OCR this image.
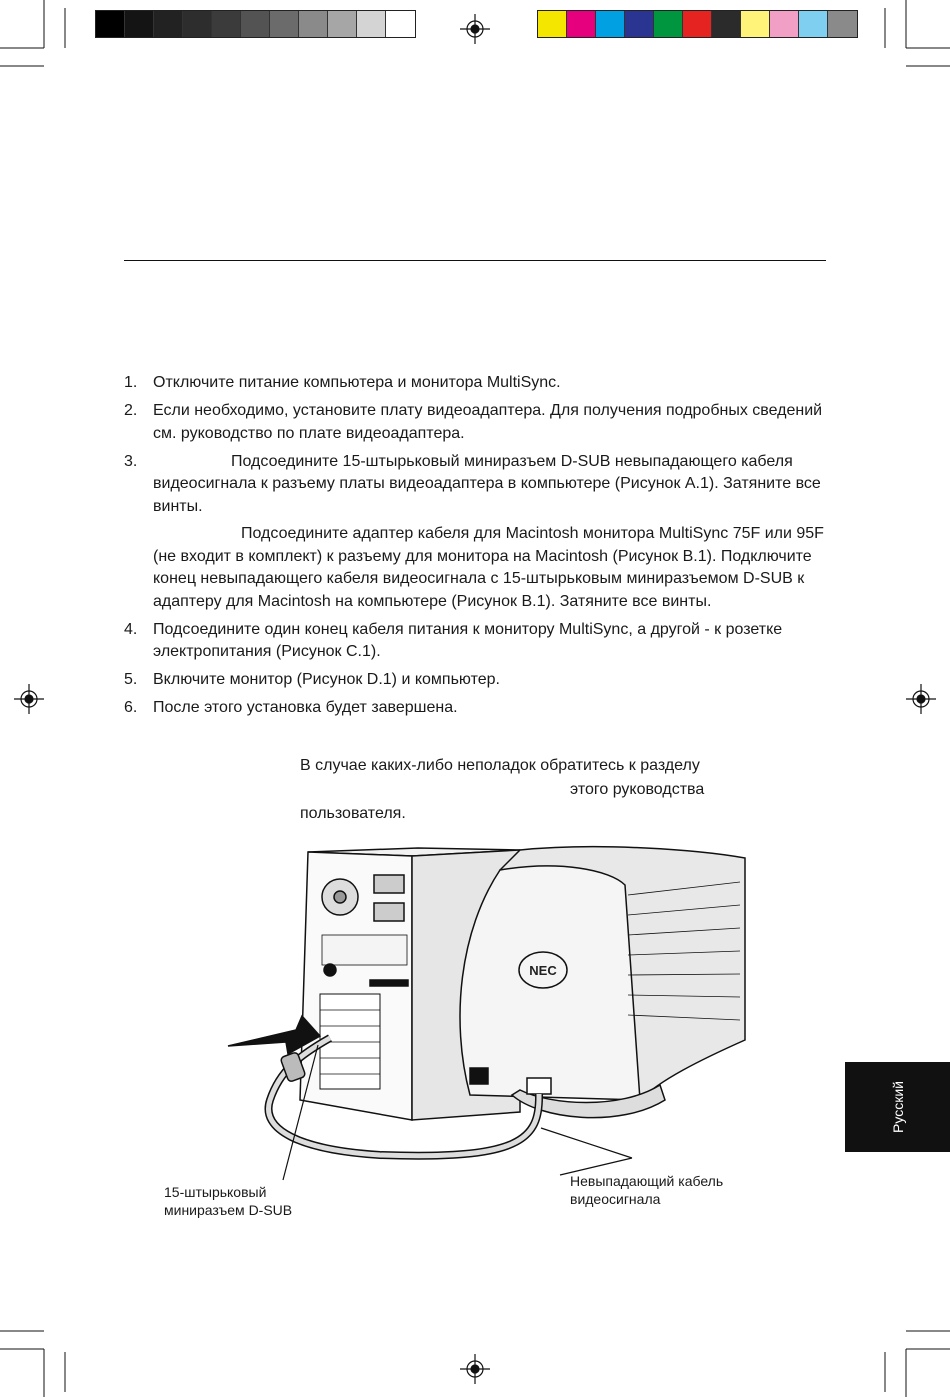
1. Отключите питание компьютера и монитора MultiSync.
2. Если необходимо, установите плату видеоадаптера. Для получения подробных сведений см. руководство по плате видеоадаптера.
3.	Подсоедините 15-штырьковый миниразъем D-SUB невыпадающего кабеля видеосигнала к разъему платы видеоадаптера в компьютере (Рисунок A.1). Затяните все винты.
Подсоедините адаптер кабеля для Macintosh монитора MultiSync 75F или 95F (не входит в комплект) к разъему для монитора на Macintosh (Рисунок B.1). Подключите конец невыпадающего кабеля видеосигнала с 15-штырьковым миниразъемом D-SUB к адаптеру для Macintosh на компьютере (Рисунок B.1). Затяните все винты.
4. Подсоедините один конец кабеля питания к монитору MultiSync, а другой - к розетке электропитания (Рисунок C.1).
5. Включите монитор (Рисунок D.1) и компьютер.
6. После этого установка будет завершена.
В случае каких-либо неполадок обратитесь к разделу
этого руководства
пользователя.
NEC
15-штырьковый
миниразъем D-SUB
Невыпадающий кабель
видеосигнала
Русский
